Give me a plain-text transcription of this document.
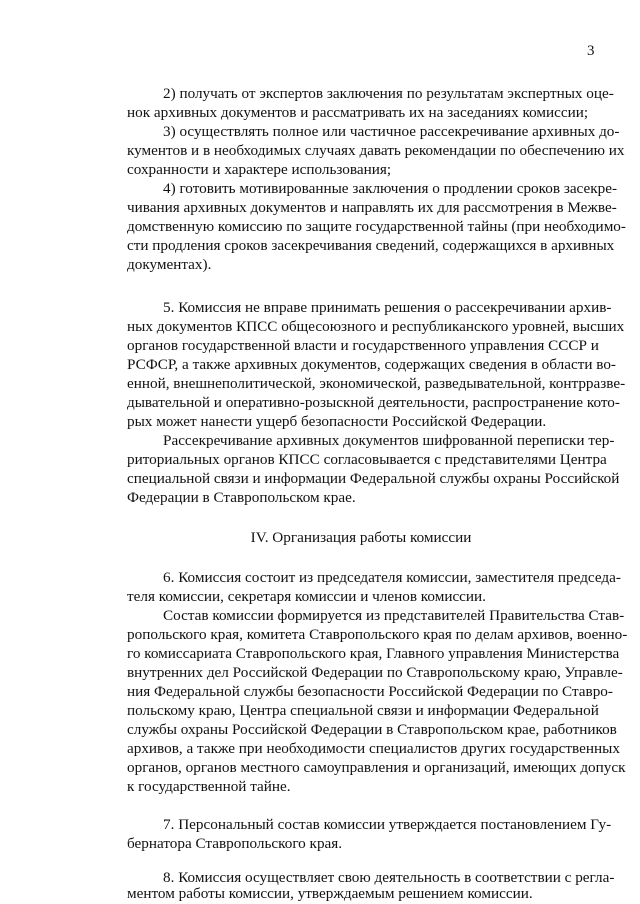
3
2) получать от экспертов заключения по результатам экспертных оце-
нок архивных документов и рассматривать их на заседаниях комиссии;
3) осуществлять полное или частичное рассекречивание архивных до-
кументов и в необходимых случаях давать рекомендации по обеспечению их
сохранности и характере использования;
4) готовить мотивированные заключения о продлении сроков засекре-
чивания архивных документов и направлять их для рассмотрения в Межве-
домственную комиссию по защите государственной тайны (при необходимо-
сти продления сроков засекречивания сведений, содержащихся в архивных
документах).
5. Комиссия не вправе принимать решения о рассекречивании архив-
ных документов КПСС общесоюзного и республиканского уровней, высших
органов государственной власти и государственного управления СССР и
РСФСР, а также архивных документов, содержащих сведения в области во-
енной, внешнеполитической, экономической, разведывательной, контрразве-
дывательной и оперативно-розыскной деятельности, распространение кото-
рых может нанести ущерб безопасности Российской Федерации.
Рассекречивание архивных документов шифрованной переписки тер-
риториальных органов КПСС согласовывается с представителями Центра
специальной связи и информации Федеральной службы охраны Российской
Федерации в Ставропольском крае.
IV. Организация работы комиссии
6. Комиссия состоит из председателя комиссии, заместителя председа-
теля комиссии, секретаря комиссии и членов комиссии.
Состав комиссии формируется из представителей Правительства Став-
ропольского края, комитета Ставропольского края по делам архивов, военно-
го комиссариата Ставропольского края, Главного управления Министерства
внутренних дел Российской Федерации по Ставропольскому краю, Управле-
ния Федеральной службы безопасности Российской Федерации по Ставро-
польскому краю, Центра специальной связи и информации Федеральной
службы охраны Российской Федерации в Ставропольском крае, работников
архивов, а также при необходимости специалистов других государственных
органов, органов местного самоуправления и организаций, имеющих допуск
к государственной тайне.
7. Персональный состав комиссии утверждается постановлением Гу-
бернатора Ставропольского края.
8. Комиссия осуществляет свою деятельность в соответствии с регла-
ментом работы комиссии, утверждаемым решением комиссии.
